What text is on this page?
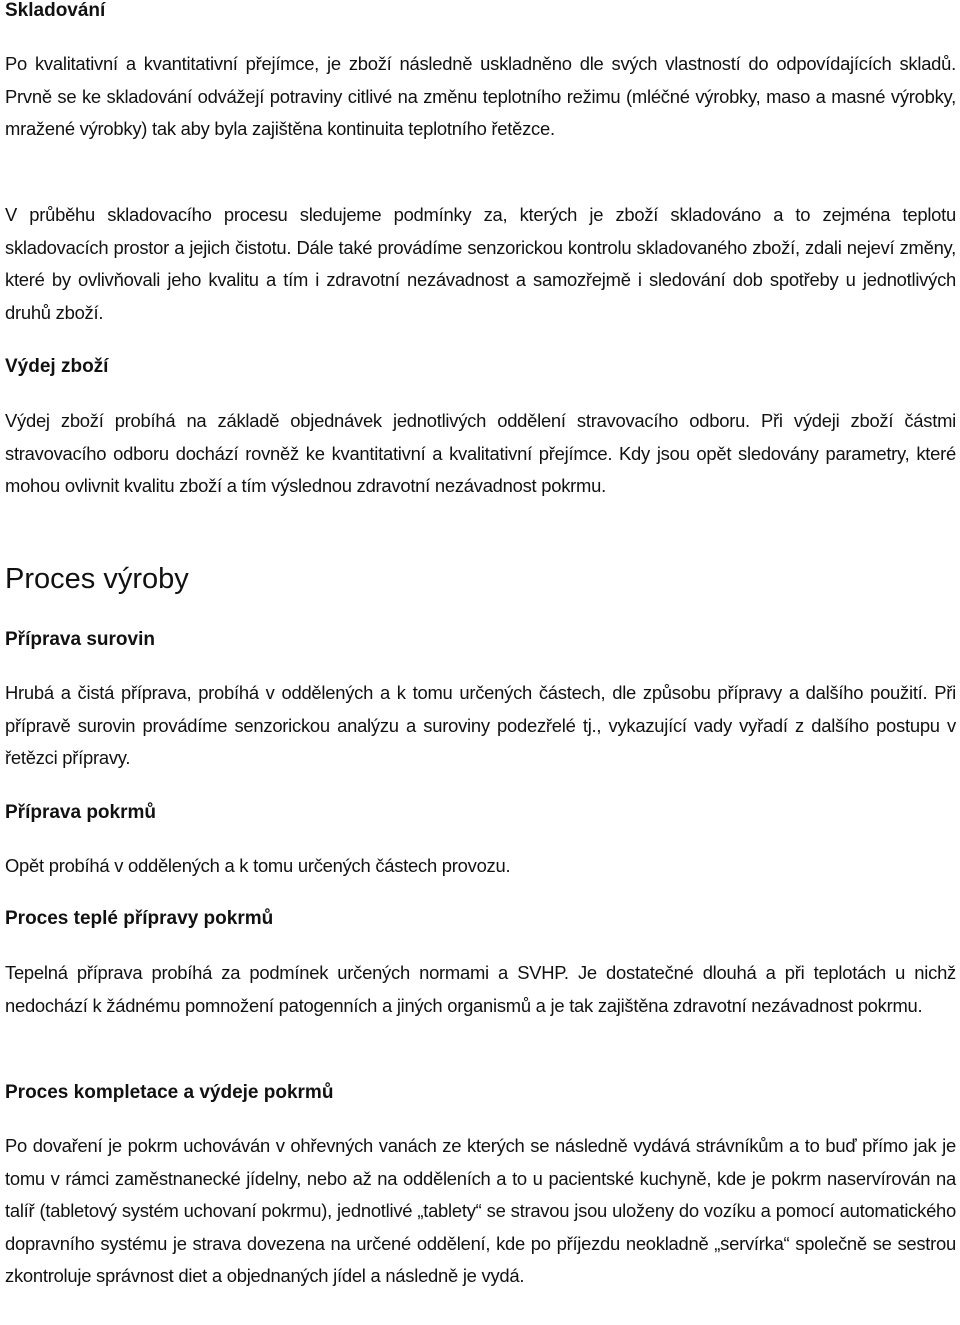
Skladování

Po kvalitativní a kvantitativní přejímce, je zboží následně uskladněno dle svých vlastností do odpovídajících skladů. Prvně se ke skladování odvážejí potraviny citlivé na změnu teplotního režimu (mléčné výrobky, maso a masné výrobky, mražené výrobky) tak aby byla zajištěna kontinuita teplotního řetězce.

V průběhu skladovacího procesu sledujeme podmínky za, kterých je zboží skladováno a to zejména teplotu skladovacích prostor a jejich čistotu. Dále také provádíme senzorickou kontrolu skladovaného zboží, zdali nejeví změny, které by ovlivňovali jeho kvalitu a tím i zdravotní nezávadnost a samozřejmě i sledování dob spotřeby u jednotlivých druhů zboží.

Výdej zboží

Výdej zboží probíhá na základě objednávek jednotlivých oddělení stravovacího odboru. Při výdeji zboží částmi stravovacího odboru dochází rovněž ke kvantitativní a kvalitativní přejímce. Kdy jsou opět sledovány parametry, které mohou ovlivnit kvalitu zboží a tím výslednou zdravotní nezávadnost pokrmu.

Proces výroby
Příprava surovin

Hrubá a čistá příprava, probíhá v oddělených a k tomu určených částech, dle způsobu přípravy a dalšího použití. Při přípravě surovin provádíme senzorickou analýzu a suroviny podezřelé tj., vykazující vady vyřadí z dalšího postupu v řetězci přípravy.

Příprava pokrmů

Opět probíhá v oddělených a k tomu určených částech provozu.

Proces teplé přípravy pokrmů

Tepelná příprava probíhá za podmínek určených normami a SVHP. Je dostatečné dlouhá a při teplotách u nichž nedochází k žádnému pomnožení patogenních a jiných organismů a je tak zajištěna zdravotní nezávadnost pokrmu.

Proces kompletace a výdeje pokrmů

Po dovaření je pokrm uchováván v ohřevných vanách ze kterých se následně vydává strávníkům a to buď přímo jak je tomu v rámci zaměstnanecké jídelny, nebo až na odděleních a to u pacientské kuchyně, kde je pokrm naservírován na talíř (tabletový systém uchovaní pokrmu), jednotlivé „tablety“ se stravou jsou uloženy do vozíku a pomocí automatického dopravního systému je strava dovezena na určené oddělení, kde po příjezdu neokladně „servírka“ společně se sestrou zkontroluje správnost diet a objednaných jídel a následně je vydá.
